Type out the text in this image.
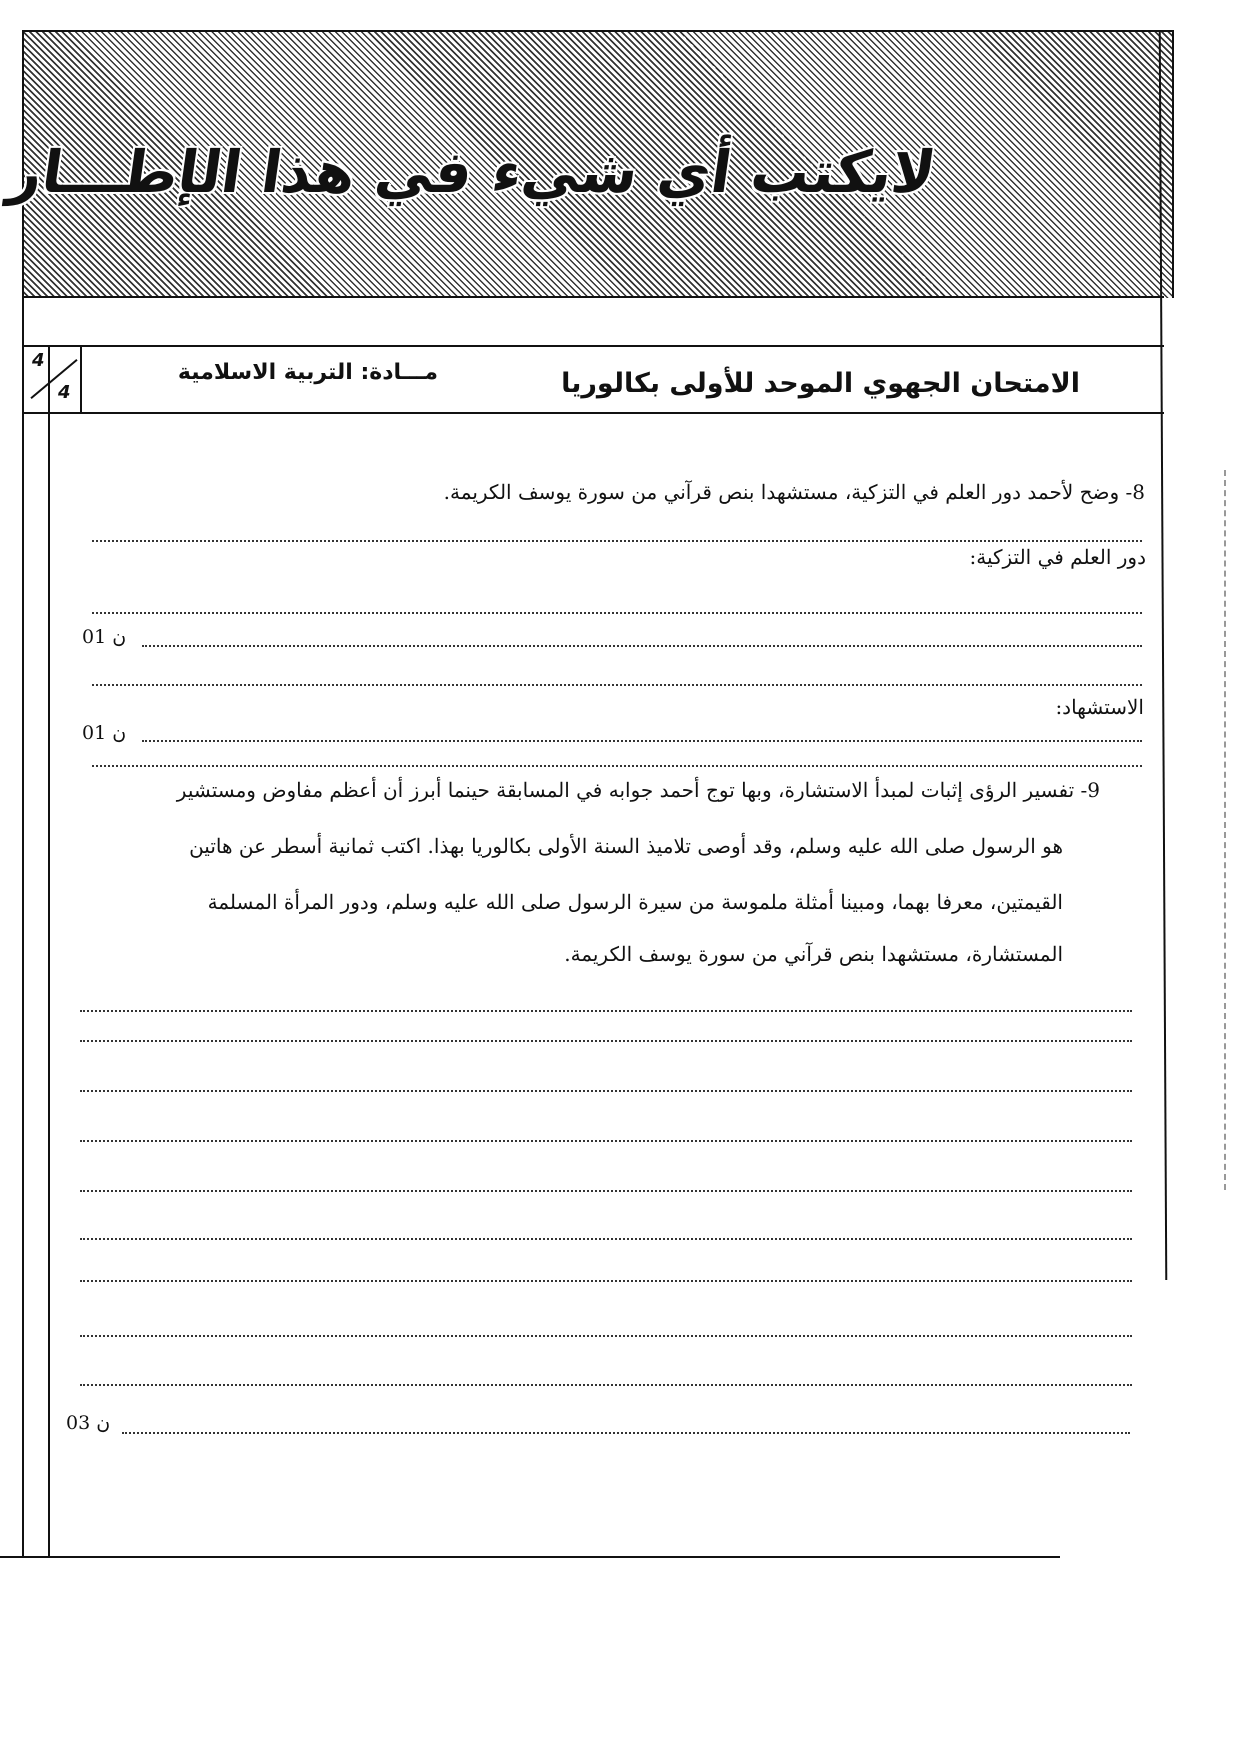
لايكتب أي شيء في هذا الإطـــار
الامتحان الجهوي الموحد للأولى بكالوريا
مـــادة: التربية الاسلامية
4
4
8- وضح لأحمد دور العلم في التزكية، مستشهدا بنص قرآني من سورة يوسف الكريمة.
دور العلم في التزكية:
01 ن
الاستشهاد:
01 ن
9- تفسير الرؤى إثبات لمبدأ الاستشارة، وبها توج أحمد جوابه في المسابقة حينما أبرز أن أعظم مفاوض ومستشير
هو الرسول صلى الله عليه وسلم، وقد أوصى تلاميذ السنة الأولى بكالوريا بهذا. اكتب ثمانية أسطر عن هاتين
القيمتين، معرفا بهما، ومبينا أمثلة ملموسة من سيرة الرسول صلى الله عليه وسلم، ودور المرأة المسلمة
المستشارة، مستشهدا بنص قرآني من سورة يوسف الكريمة.
03 ن
